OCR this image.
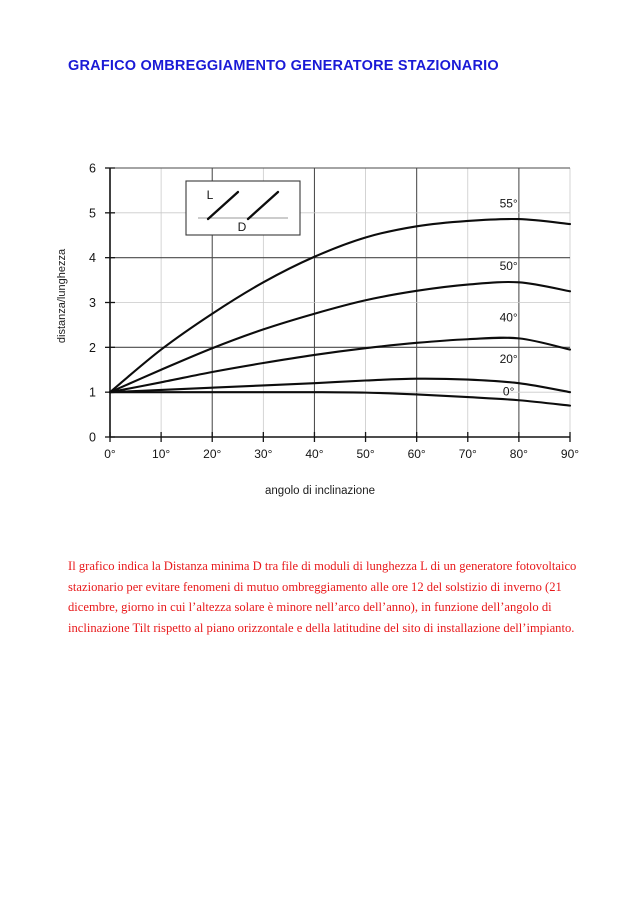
GRAFICO OMBREGGIAMENTO GENERATORE STAZIONARIO
0
1
2
3
4
5
6
0°	10°	20°	30°	40°	50°	60°	70°	80°	90°
55°
50°
40°
20°
0°
L
D
distanza/lunghezza
angolo di inclinazione
Il grafico indica la Distanza minima D tra file di moduli di lunghezza L di un generatore fotovoltaico stazionario per evitare fenomeni di mutuo ombreggiamento alle ore 12 del solstizio di inverno (21 dicembre, giorno in cui l’altezza solare è minore nell’arco dell’anno), in funzione dell’angolo di inclinazione Tilt rispetto al piano orizzontale e della latitudine del sito di installazione dell’impianto.
